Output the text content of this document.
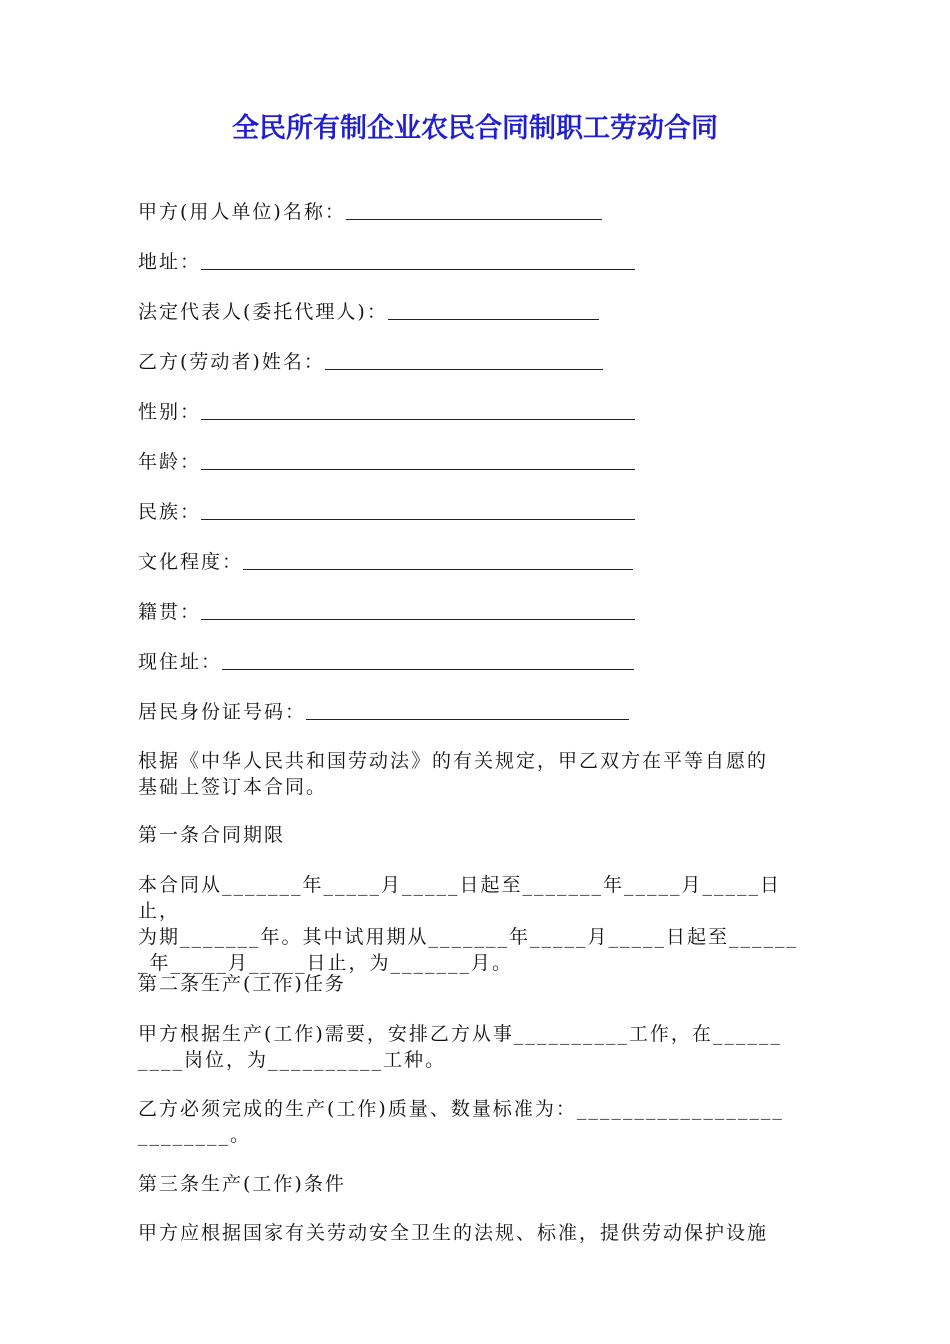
全民所有制企业农民合同制职工劳动合同
甲方(用人单位)名称：
地址：
法定代表人(委托代理人)：
乙方(劳动者)姓名：
性别：
年龄：
民族：
文化程度：
籍贯：
现住址：
居民身份证号码：
根据《中华人民共和国劳动法》的有关规定，甲乙双方在平等自愿的
基础上签订本合同。
第一条合同期限
本合同从_______年_____月_____日起至_______年_____月_____日止，
为期_______年。其中试用期从_______年_____月_____日起至______
_年_____月_____日止，为_______月。
第二条生产(工作)任务
甲方根据生产(工作)需要，安排乙方从事__________工作，在______
____岗位，为__________工种。
乙方必须完成的生产(工作)质量、数量标准为：__________________
________。
第三条生产(工作)条件
甲方应根据国家有关劳动安全卫生的法规、标准，提供劳动保护设施
